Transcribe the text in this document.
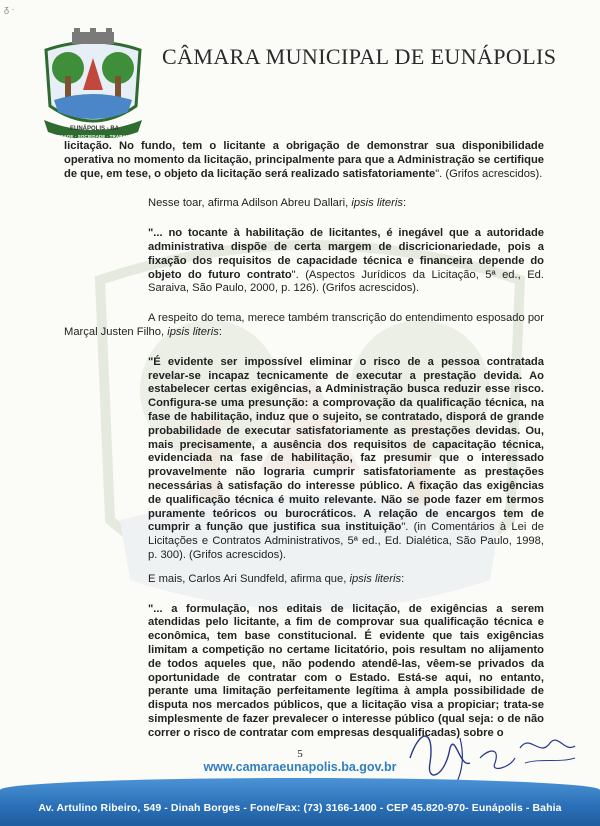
ᵹ ·
EUNÁPOLIS - BA
LIBERDADE · SOCIEDADE · TRABALHO
CÂMARA MUNICIPAL DE EUNÁPOLIS

licitação. No fundo, tem o licitante a obrigação de demonstrar sua disponibilidade operativa no momento da licitação, principalmente para que a Administração se certifique de que, em tese, o objeto da licitação será realizado satisfatoriamente". (Grifos acrescidos).

Nesse toar, afirma Adilson Abreu Dallari, ipsis literis:

"... no tocante à habilitação de licitantes, é inegável que a autoridade administrativa dispõe de certa margem de discricionariedade, pois a fixação dos requisitos de capacidade técnica e financeira depende do objeto do futuro contrato". (Aspectos Jurídicos da Licitação, 5ª ed., Ed. Saraiva, São Paulo, 2000, p. 126). (Grifos acrescidos).

A respeito do tema, merece também transcrição do entendimento esposado por Marçal Justen Filho, ipsis literis:

"É evidente ser impossível eliminar o risco de a pessoa contratada revelar-se incapaz tecnicamente de executar a prestação devida. Ao estabelecer certas exigências, a Administração busca reduzir esse risco. Configura-se uma presunção: a comprovação da qualificação técnica, na fase de habilitação, induz que o sujeito, se contratado, disporá de grande probabilidade de executar satisfatoriamente as prestações devidas. Ou, mais precisamente, a ausência dos requisitos de capacitação técnica, evidenciada na fase de habilitação, faz presumir que o interessado provavelmente não lograria cumprir satisfatoriamente as prestações necessárias à satisfação do interesse público. A fixação das exigências de qualificação técnica é muito relevante. Não se pode fazer em termos puramente teóricos ou burocráticos. A relação de encargos tem de cumprir a função que justifica sua instituição". (in Comentários à Lei de Licitações e Contratos Administrativos, 5ª ed., Ed. Dialética, São Paulo, 1998, p. 300). (Grifos acrescidos).

E mais, Carlos Ari Sundfeld, afirma que, ipsis literis:

"... a formulação, nos editais de licitação, de exigências a serem atendidas pelo licitante, a fim de comprovar sua qualificação técnica e econômica, tem base constitucional. É evidente que tais exigências limitam a competição no certame licitatório, pois resultam no alijamento de todos aqueles que, não podendo atendê-las, vêem-se privados da oportunidade de contratar com o Estado. Está-se aqui, no entanto, perante uma limitação perfeitamente legítima à ampla possibilidade de disputa nos mercados públicos, que a licitação visa a propiciar; trata-se simplesmente de fazer prevalecer o interesse público (qual seja: o de não correr o risco de contratar com empresas desqualificadas) sobre o

5
www.camaraeunapolis.ba.gov.br
Av. Artulino Ribeiro, 549 - Dinah Borges - Fone/Fax: (73) 3166-1400 - CEP 45.820-970- Eunápolis - Bahia
